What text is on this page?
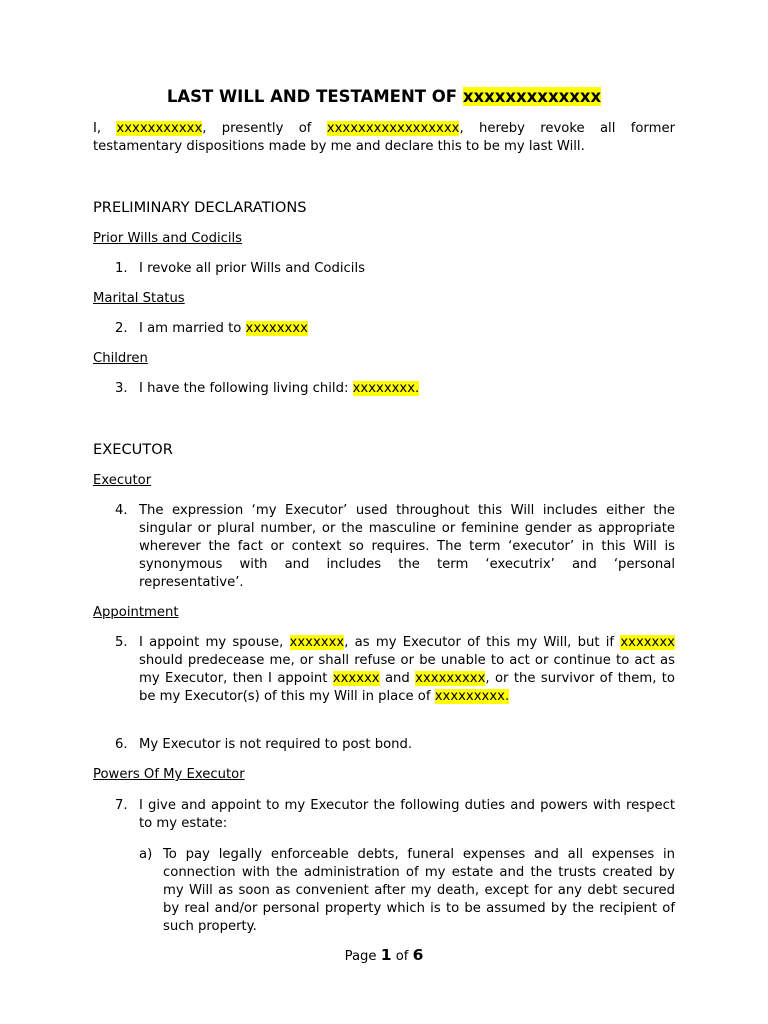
LAST WILL AND TESTAMENT OF xxxxxxxxxxxxx
I, xxxxxxxxxxx, presently of xxxxxxxxxxxxxxxxx, hereby revoke all former testamentary dispositions made by me and declare this to be my last Will.
PRELIMINARY DECLARATIONS
Prior Wills and Codicils
1. I revoke all prior Wills and Codicils
Marital Status
2. I am married to xxxxxxxx
Children
3. I have the following living child: xxxxxxxx.
EXECUTOR
Executor
4. The expression ‘my Executor’ used throughout this Will includes either the singular or plural number, or the masculine or feminine gender as appropriate wherever the fact or context so requires. The term ‘executor’ in this Will is synonymous with and includes the term ‘executrix’ and ‘personal representative’.
Appointment
5. I appoint my spouse, xxxxxxx, as my Executor of this my Will, but if xxxxxxx should predecease me, or shall refuse or be unable to act or continue to act as my Executor, then I appoint xxxxxx and xxxxxxxxx, or the survivor of them, to be my Executor(s) of this my Will in place of xxxxxxxxx.
6. My Executor is not required to post bond.
Powers Of My Executor
7. I give and appoint to my Executor the following duties and powers with respect to my estate:
a) To pay legally enforceable debts, funeral expenses and all expenses in connection with the administration of my estate and the trusts created by my Will as soon as convenient after my death, except for any debt secured by real and/or personal property which is to be assumed by the recipient of such property.
Page 1 of 6
